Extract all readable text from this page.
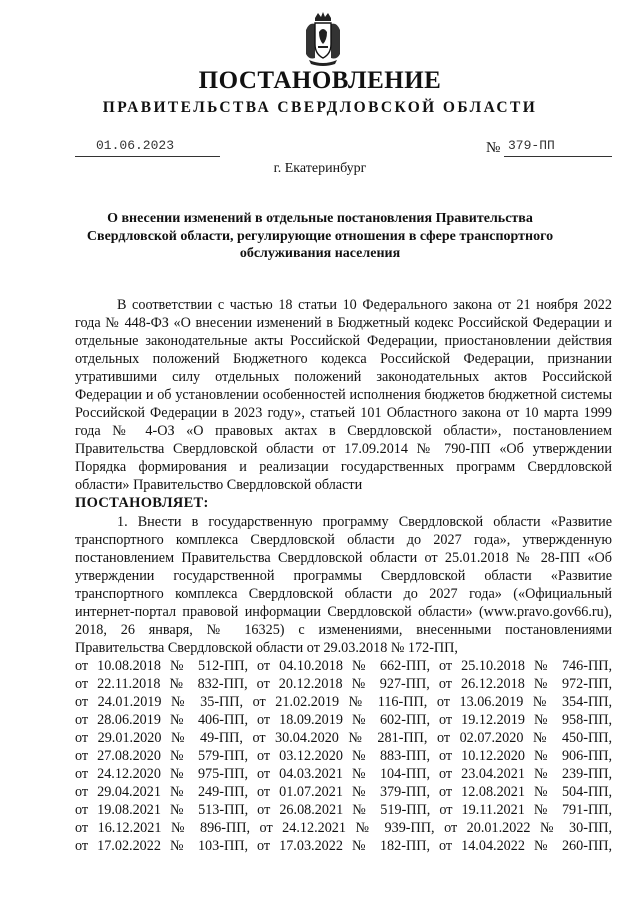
ПОСТАНОВЛЕНИЕ
ПРАВИТЕЛЬСТВА СВЕРДЛОВСКОЙ ОБЛАСТИ
01.06.2023	№ 379-ПП
г. Екатеринбург
О внесении изменений в отдельные постановления Правительства Свердловской области, регулирующие отношения в сфере транспортного обслуживания населения

В соответствии с частью 18 статьи 10 Федерального закона от 21 ноября 2022 года № 448-ФЗ «О внесении изменений в Бюджетный кодекс Российской Федерации и отдельные законодательные акты Российской Федерации, приостановлении действия отдельных положений Бюджетного кодекса Российской Федерации, признании утратившими силу отдельных положений законодательных актов Российской Федерации и об установлении особенностей исполнения бюджетов бюджетной системы Российской Федерации в 2023 году», статьей 101 Областного закона от 10 марта 1999 года № 4-ОЗ «О правовых актах в Свердловской области», постановлением Правительства Свердловской области от 17.09.2014 № 790-ПП «Об утверждении Порядка формирования и реализации государственных программ Свердловской области» Правительство Свердловской области

ПОСТАНОВЛЯЕТ:

1. Внести в государственную программу Свердловской области «Развитие транспортного комплекса Свердловской области до 2027 года», утвержденную постановлением Правительства Свердловской области от 25.01.2018 № 28-ПП «Об утверждении государственной программы Свердловской области «Развитие транспортного комплекса Свердловской области до 2027 года» («Официальный интернет-портал правовой информации Свердловской области» (www.pravo.gov66.ru), 2018, 26 января, № 16325) с изменениями, внесенными постановлениями Правительства Свердловской области от 29.03.2018 № 172-ПП,

от 10.08.2018 № 512-ПП, от 04.10.2018 № 662-ПП, от 25.10.2018 № 746-ПП,
от 22.11.2018 № 832-ПП, от 20.12.2018 № 927-ПП, от 26.12.2018 № 972-ПП,
от 24.01.2019 № 35-ПП, от 21.02.2019 № 116-ПП, от 13.06.2019 № 354-ПП,
от 28.06.2019 № 406-ПП, от 18.09.2019 № 602-ПП, от 19.12.2019 № 958-ПП,
от 29.01.2020 № 49-ПП, от 30.04.2020 № 281-ПП, от 02.07.2020 № 450-ПП,
от 27.08.2020 № 579-ПП, от 03.12.2020 № 883-ПП, от 10.12.2020 № 906-ПП,
от 24.12.2020 № 975-ПП, от 04.03.2021 № 104-ПП, от 23.04.2021 № 239-ПП,
от 29.04.2021 № 249-ПП, от 01.07.2021 № 379-ПП, от 12.08.2021 № 504-ПП,
от 19.08.2021 № 513-ПП, от 26.08.2021 № 519-ПП, от 19.11.2021 № 791-ПП,
от 16.12.2021 № 896-ПП, от 24.12.2021 № 939-ПП, от 20.01.2022 № 30-ПП,
от 17.02.2022 № 103-ПП, от 17.03.2022 № 182-ПП, от 14.04.2022 № 260-ПП,
